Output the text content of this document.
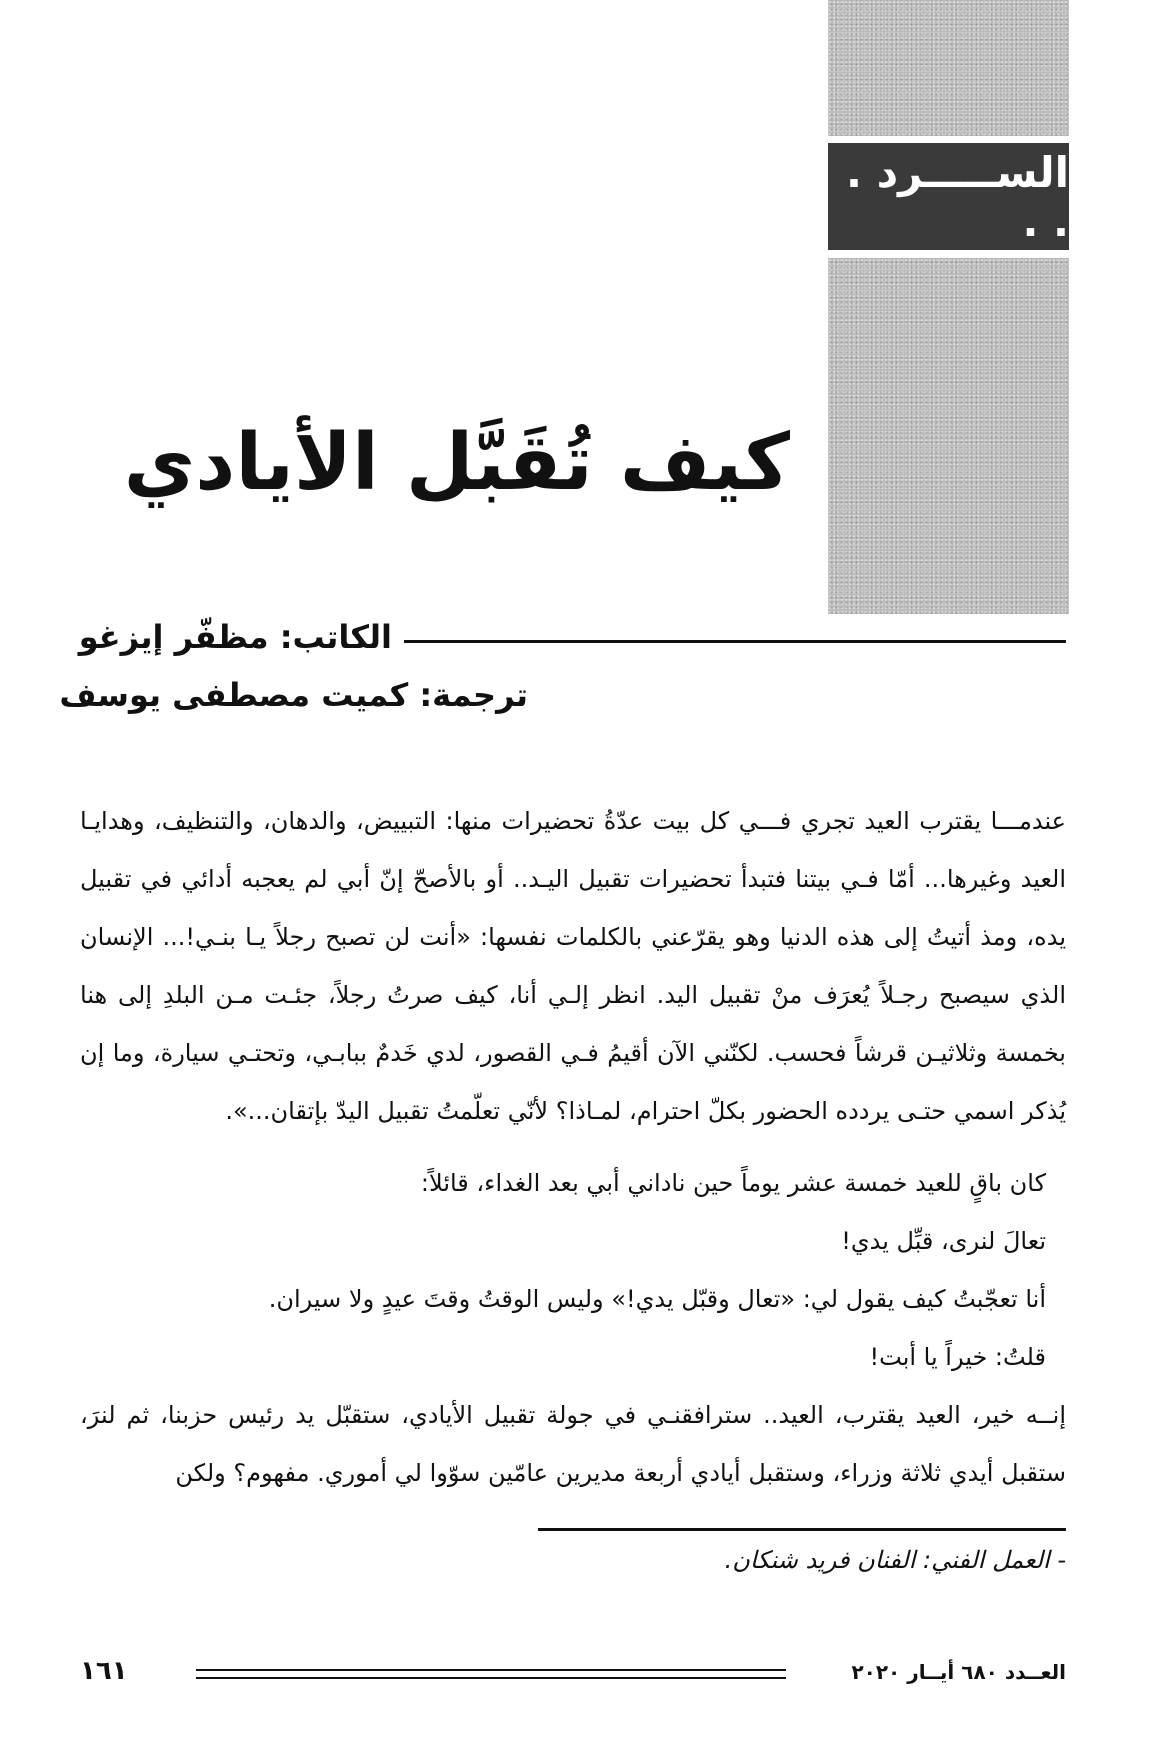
الســـــرد . . .
كيف تُقَبَّل الأيادي
الكاتب: مظفّر إيزغو
ترجمة: كميت مصطفى يوسف

عندمـــا يقترب العيد تجري فـــي كل بيت عدّةُ تحضيرات منها: التبييض، والدهان، والتنظيف، وهدايـا العيد وغيرها... أمّا فـي بيتنا فتبدأ تحضيرات تقبيل اليـد.. أو بالأصحّ إنّ أبي لم يعجبه أدائي في تقبيل يده، ومذ أتيتُ إلى هذه الدنيا وهو يقرّعني بالكلمات نفسها: «أنت لن تصبح رجلاً يـا بنـي!... الإنسان الذي سيصبح رجـلاً يُعرَف منْ تقبيل اليد. انظر إلـي أنا، كيف صرتُ رجلاً، جئـت مـن البلدِ إلى هنا بخمسة وثلاثيـن قرشاً فحسب. لكنّني الآن أقيمُ فـي القصور، لدي خَدمٌ ببابـي، وتحتـي سيارة، وما إن يُذكر اسمي حتـى يردده الحضور بكلّ احترام، لمـاذا؟ لأنّي تعلّمتُ تقبيل اليدّ بإتقان...».

كان باقٍ للعيد خمسة عشر يوماً حين ناداني أبي بعد الغداء، قائلاً:

تعالَ لنرى، قبِّل يدي!

أنا تعجّبتُ كيف يقول لي: «تعال وقبّل يدي!» وليس الوقتُ وقتَ عيدٍ ولا سيران.

قلتُ: خيراً يا أبت!

إنــه خير، العيد يقترب، العيد.. سترافقنـي في جولة تقبيل الأيادي، ستقبّل يد رئيس حزبنا، ثم لنرَ، ستقبل أيدي ثلاثة وزراء، وستقبل أيادي أربعة مديرين عامّين سوّوا لي أموري. مفهوم؟ ولكن

- العمل الفني: الفنان فريد شنكان.
١٦١	العــدد ٦٨٠ أيــار ٢٠٢٠
